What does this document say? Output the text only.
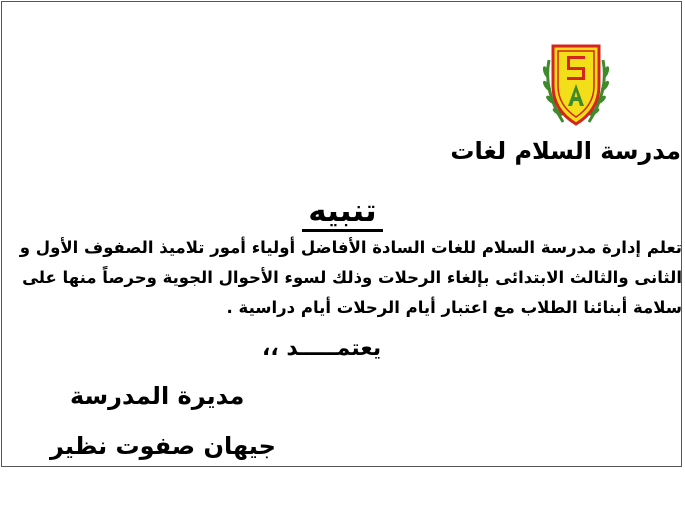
مدرسة السلام لغات
تنبيه
تعلم إدارة مدرسة السلام للغات السادة الأفاضل أولياء أمور تلاميذ الصفوف الأول و
الثانى والثالث الابتدائى بإلغاء الرحلات وذلك لسوء الأحوال الجوية وحرصاً منها على
سلامة أبنائنا الطلاب مع اعتبار أيام الرحلات أيام دراسية .
يعتمـــــد ،،
مديرة المدرسة
جيهان صفوت نظير
